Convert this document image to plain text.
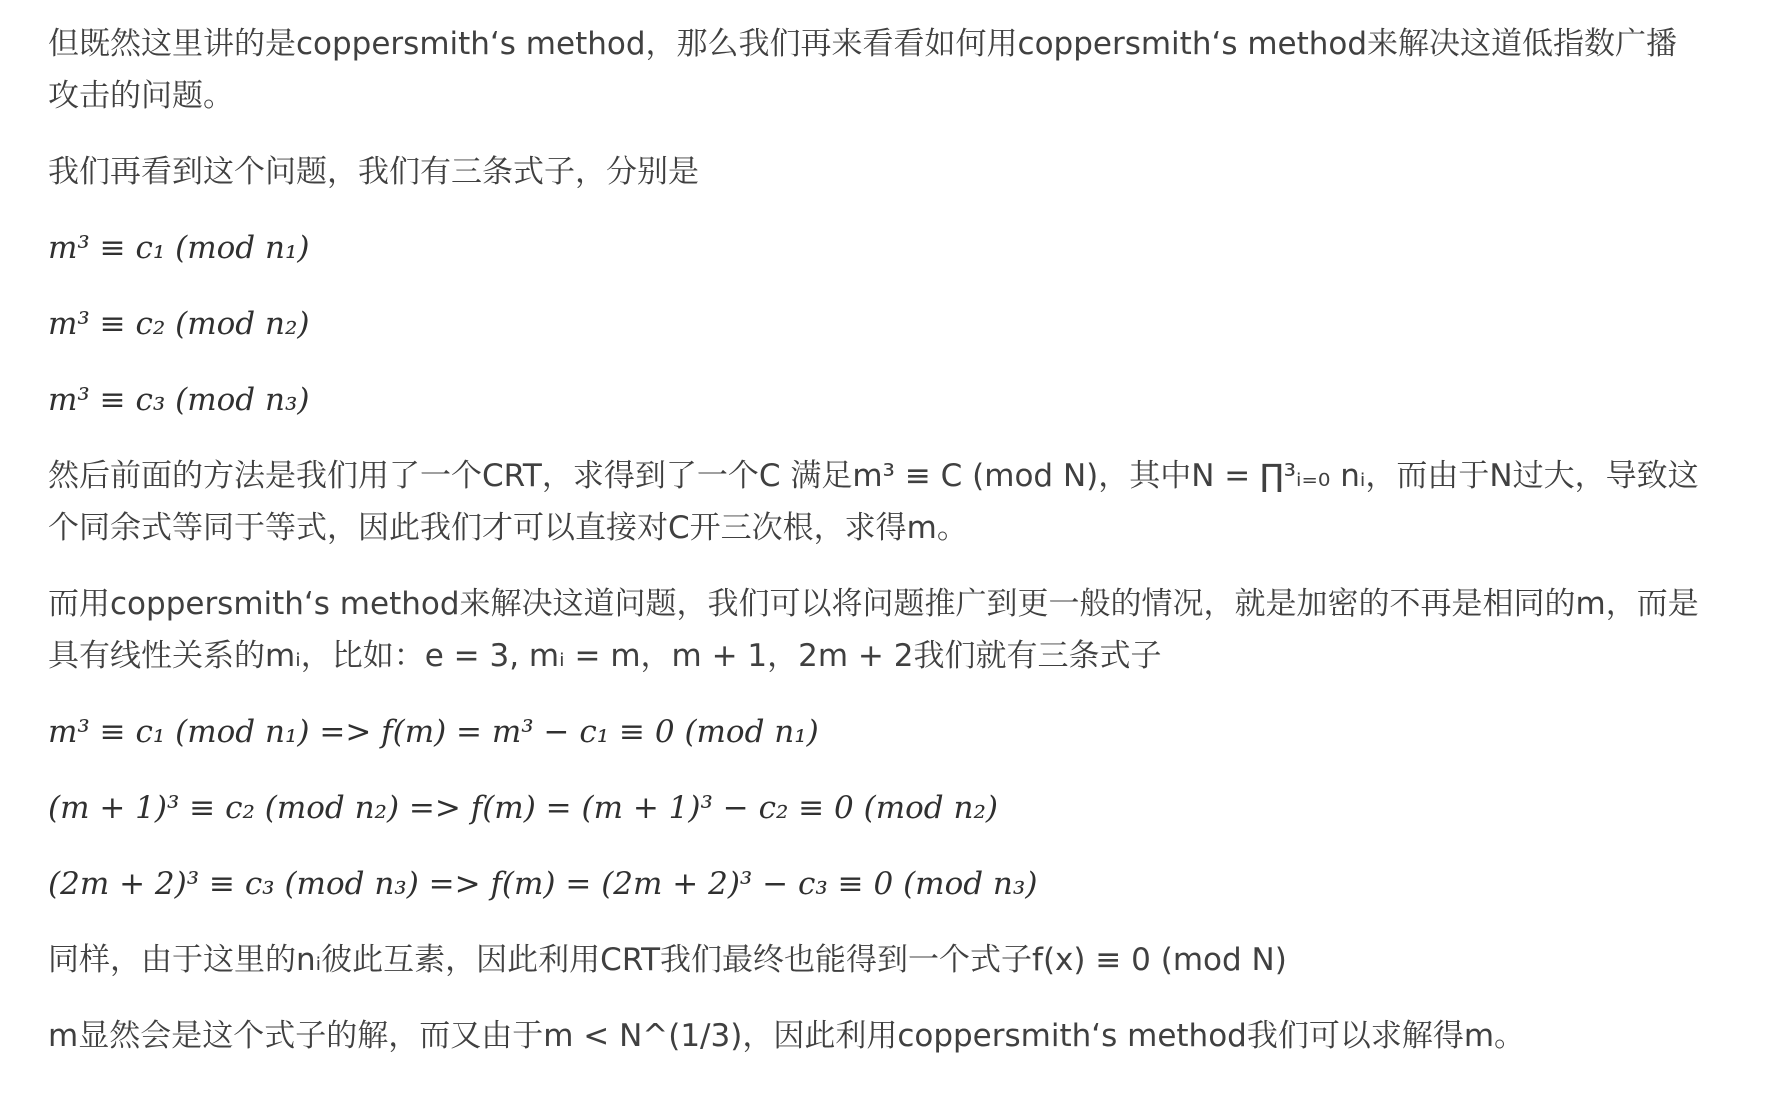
但既然这里讲的是coppersmith‘s method，那么我们再来看看如何用coppersmith‘s method来解决这道低指数广播攻击的问题。

我们再看到这个问题，我们有三条式子，分别是

m³ ≡ c₁ (mod n₁)

m³ ≡ c₂ (mod n₂)

m³ ≡ c₃ (mod n₃)

然后前面的方法是我们用了一个CRT，求得到了一个C 满足m³ ≡ C (mod N)，其中N = ∏³ᵢ₌₀ nᵢ，而由于N过大，导致这个同余式等同于等式，因此我们才可以直接对C开三次根，求得m。

而用coppersmith‘s method来解决这道问题，我们可以将问题推广到更一般的情况，就是加密的不再是相同的m，而是具有线性关系的mᵢ，比如：e = 3, mᵢ = m，m + 1，2m + 2我们就有三条式子

m³ ≡ c₁ (mod n₁) => f(m) = m³ − c₁ ≡ 0 (mod n₁)

(m + 1)³ ≡ c₂ (mod n₂) => f(m) = (m + 1)³ − c₂ ≡ 0 (mod n₂)

(2m + 2)³ ≡ c₃ (mod n₃) => f(m) = (2m + 2)³ − c₃ ≡ 0 (mod n₃)

同样，由于这里的nᵢ彼此互素，因此利用CRT我们最终也能得到一个式子f(x) ≡ 0 (mod N)

m显然会是这个式子的解，而又由于m < N^(1/3)，因此利用coppersmith‘s method我们可以求解得m。
